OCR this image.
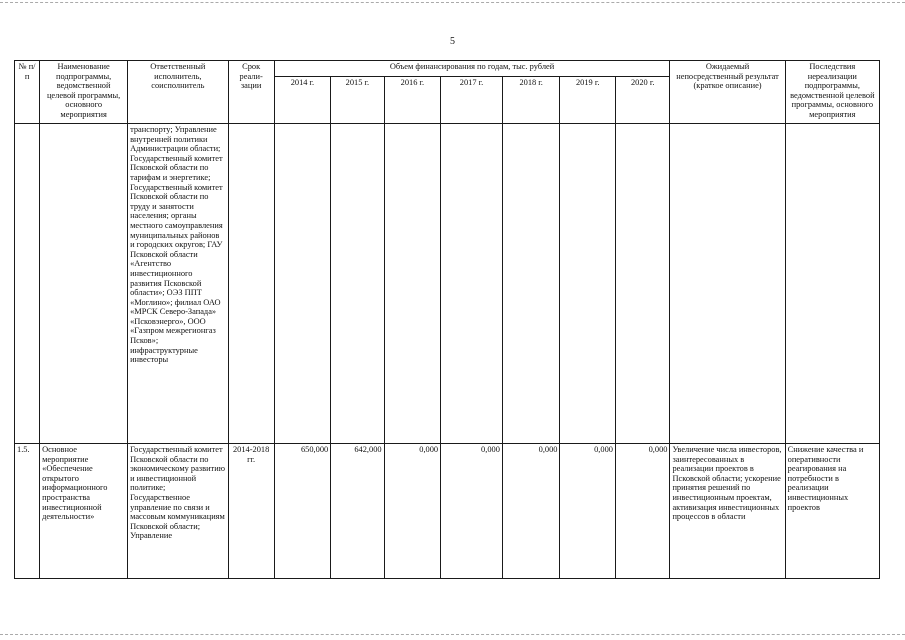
5
№ п/п	Наименование подпрограммы, ведомственной целевой программы, основного мероприятия	Ответственный исполнитель, соисполнитель	Срок реали-зации	Объем финансирования по годам, тыс. рублей							Ожидаемый непосредственный результат (краткое описание)	Последствия нереализации подпрограммы, ведомственной целевой программы, основного мероприятия
				2014 г.	2015 г.	2016 г.	2017 г.	2018 г.	2019 г.	2020 г.		
		транспорту; Управление внутренней политики Администрации области; Государственный комитет Псковской области по тарифам и энергетике; Государственный комитет Псковской области по труду и занятости населения; органы местного самоуправления муниципальных районов и городских округов; ГАУ Псковской области «Агентство инвестиционного развития Псковской области»; ОЭЗ ППТ «Моглино»; филиал ОАО «МРСК Северо-Запада» «Псковэнерго», ООО «Газпром межрегионгаз Псков»; инфраструктурные инвесторы										
1.5.	Основное мероприятие «Обеспечение открытого информационного пространства инвестиционной деятельности»	Государственный комитет Псковской области по экономическому развитию и инвестиционной политике; Государственное управление по связи и массовым коммуникациям Псковской области; Управление	2014-2018 гг.	650,000	642,000	0,000	0,000	0,000	0,000	0,000	Увеличение числа инвесторов, заинтересованных в реализации проектов в Псковской области; ускорение принятия решений по инвестиционным проектам, активизация инвестиционных процессов в области	Снижение качества и оперативности реагирования на потребности в реализации инвестиционных проектов
